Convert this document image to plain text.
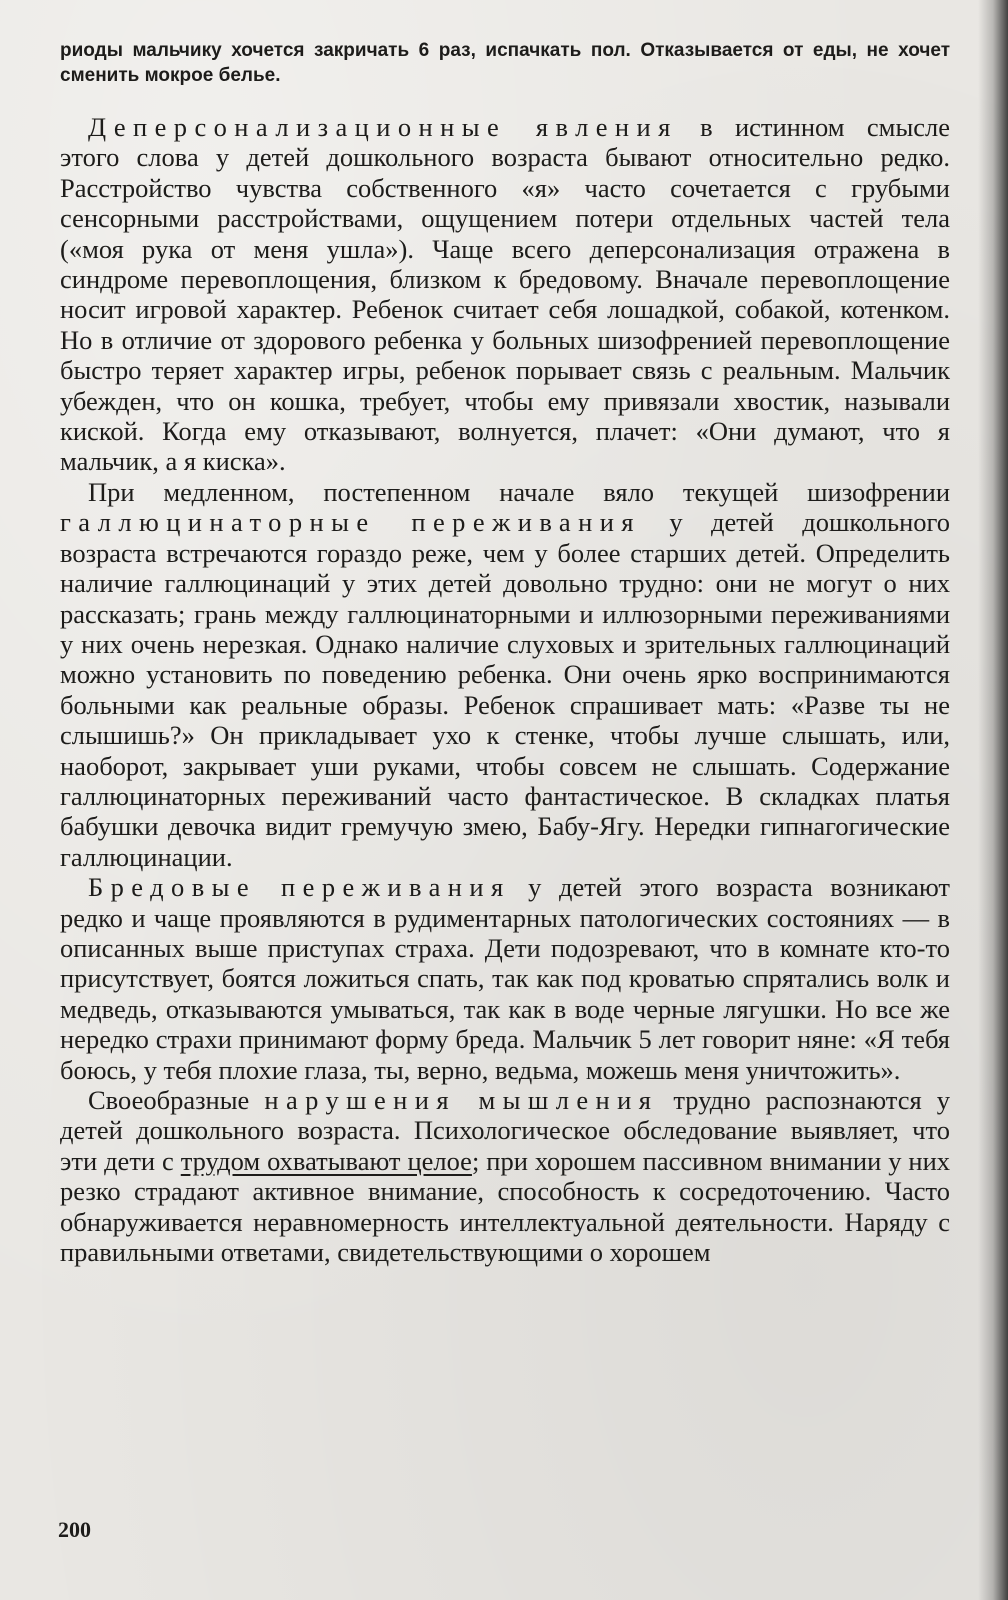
риоды мальчику хочется закричать 6 раз, испачкать пол. Отказывается от еды, не хочет сменить мокрое белье.

Деперсонализационные явления в истинном смысле этого слова у детей дошкольного возраста бывают относительно редко. Расстройство чувства собственного «я» часто сочетается с грубыми сенсорными расстройствами, ощущением потери отдельных частей тела («моя рука от меня ушла»). Чаще всего деперсонализация отражена в синдроме перевоплощения, близком к бредовому. Вначале перевоплощение носит игровой характер. Ребенок считает себя лошадкой, собакой, котенком. Но в отличие от здорового ребенка у больных шизофренией перевоплощение быстро теряет характер игры, ребенок порывает связь с реальным. Мальчик убежден, что он кошка, требует, чтобы ему привязали хвостик, называли киской. Когда ему отказывают, волнуется, плачет: «Они думают, что я мальчик, а я киска».

При медленном, постепенном начале вяло текущей шизофрении галлюцинаторные переживания у детей дошкольного возраста встречаются гораздо реже, чем у более старших детей. Определить наличие галлюцинаций у этих детей довольно трудно: они не могут о них рассказать; грань между галлюцинаторными и иллюзорными переживаниями у них очень нерезкая. Однако наличие слуховых и зрительных галлюцинаций можно установить по поведению ребенка. Они очень ярко воспринимаются больными как реальные образы. Ребенок спрашивает мать: «Разве ты не слышишь?» Он прикладывает ухо к стенке, чтобы лучше слышать, или, наоборот, закрывает уши руками, чтобы совсем не слышать. Содержание галлюцинаторных переживаний часто фантастическое. В складках платья бабушки девочка видит гремучую змею, Бабу-Ягу. Нередки гипнагогические галлюцинации.

Бредовые переживания у детей этого возраста возникают редко и чаще проявляются в рудиментарных патологических состояниях — в описанных выше приступах страха. Дети подозревают, что в комнате кто-то присутствует, боятся ложиться спать, так как под кроватью спрятались волк и медведь, отказываются умываться, так как в воде черные лягушки. Но все же нередко страхи принимают форму бреда. Мальчик 5 лет говорит няне: «Я тебя боюсь, у тебя плохие глаза, ты, верно, ведьма, можешь меня уничтожить».

Своеобразные нарушения мышления трудно распознаются у детей дошкольного возраста. Психологическое обследование выявляет, что эти дети с трудом охватывают целое; при хорошем пассивном внимании у них резко страдают активное внимание, способность к сосредоточению. Часто обнаруживается неравномерность интеллектуальной деятельности. Наряду с правильными ответами, свидетельствующими о хорошем

200
